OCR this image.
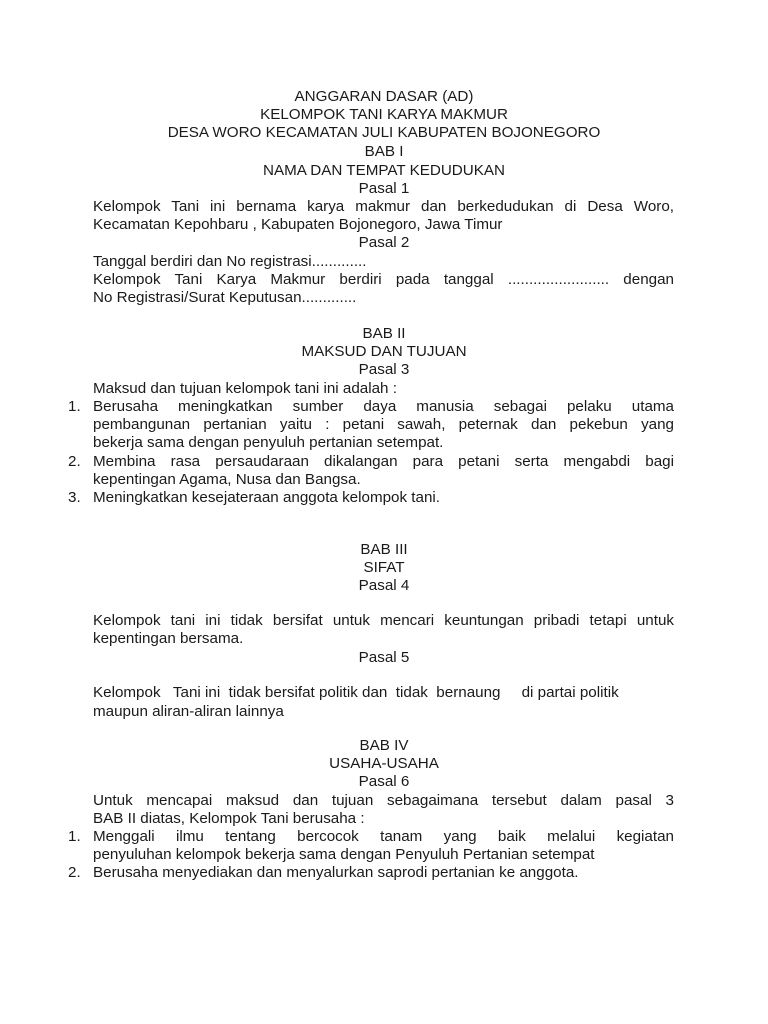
ANGGARAN DASAR (AD)
KELOMPOK TANI KARYA MAKMUR
DESA WORO KECAMATAN JULI KABUPATEN BOJONEGORO
BAB I
NAMA DAN TEMPAT KEDUDUKAN
Pasal 1
Kelompok Tani ini bernama karya makmur dan berkedudukan di Desa Woro,
Kecamatan Kepohbaru , Kabupaten Bojonegoro, Jawa Timur
Pasal 2
Tanggal berdiri dan No registrasi.............
Kelompok Tani Karya Makmur berdiri pada tanggal ........................ dengan
No Registrasi/Surat Keputusan.............
BAB II
MAKSUD DAN TUJUAN
Pasal 3
Maksud dan tujuan kelompok tani ini adalah :
1. Berusaha meningkatkan sumber daya manusia sebagai pelaku utama
pembangunan pertanian yaitu : petani sawah, peternak dan pekebun yang
bekerja sama dengan penyuluh pertanian setempat.
2. Membina rasa persaudaraan dikalangan para petani serta mengabdi bagi
kepentingan Agama, Nusa dan Bangsa.
3. Meningkatkan kesejateraan anggota kelompok tani.
BAB III
SIFAT
Pasal 4
Kelompok tani ini tidak bersifat untuk mencari keuntungan pribadi tetapi untuk
kepentingan bersama.
Pasal 5
Kelompok   Tani ini  tidak bersifat politik dan  tidak  bernaung     di partai politik
maupun aliran-aliran lainnya
BAB IV
USAHA-USAHA
Pasal 6
Untuk mencapai maksud dan tujuan sebagaimana tersebut dalam pasal 3
BAB II diatas, Kelompok Tani berusaha :
1. Menggali ilmu tentang bercocok tanam yang baik melalui kegiatan
penyuluhan kelompok bekerja sama dengan Penyuluh Pertanian setempat
2. Berusaha menyediakan dan menyalurkan saprodi pertanian ke anggota.
